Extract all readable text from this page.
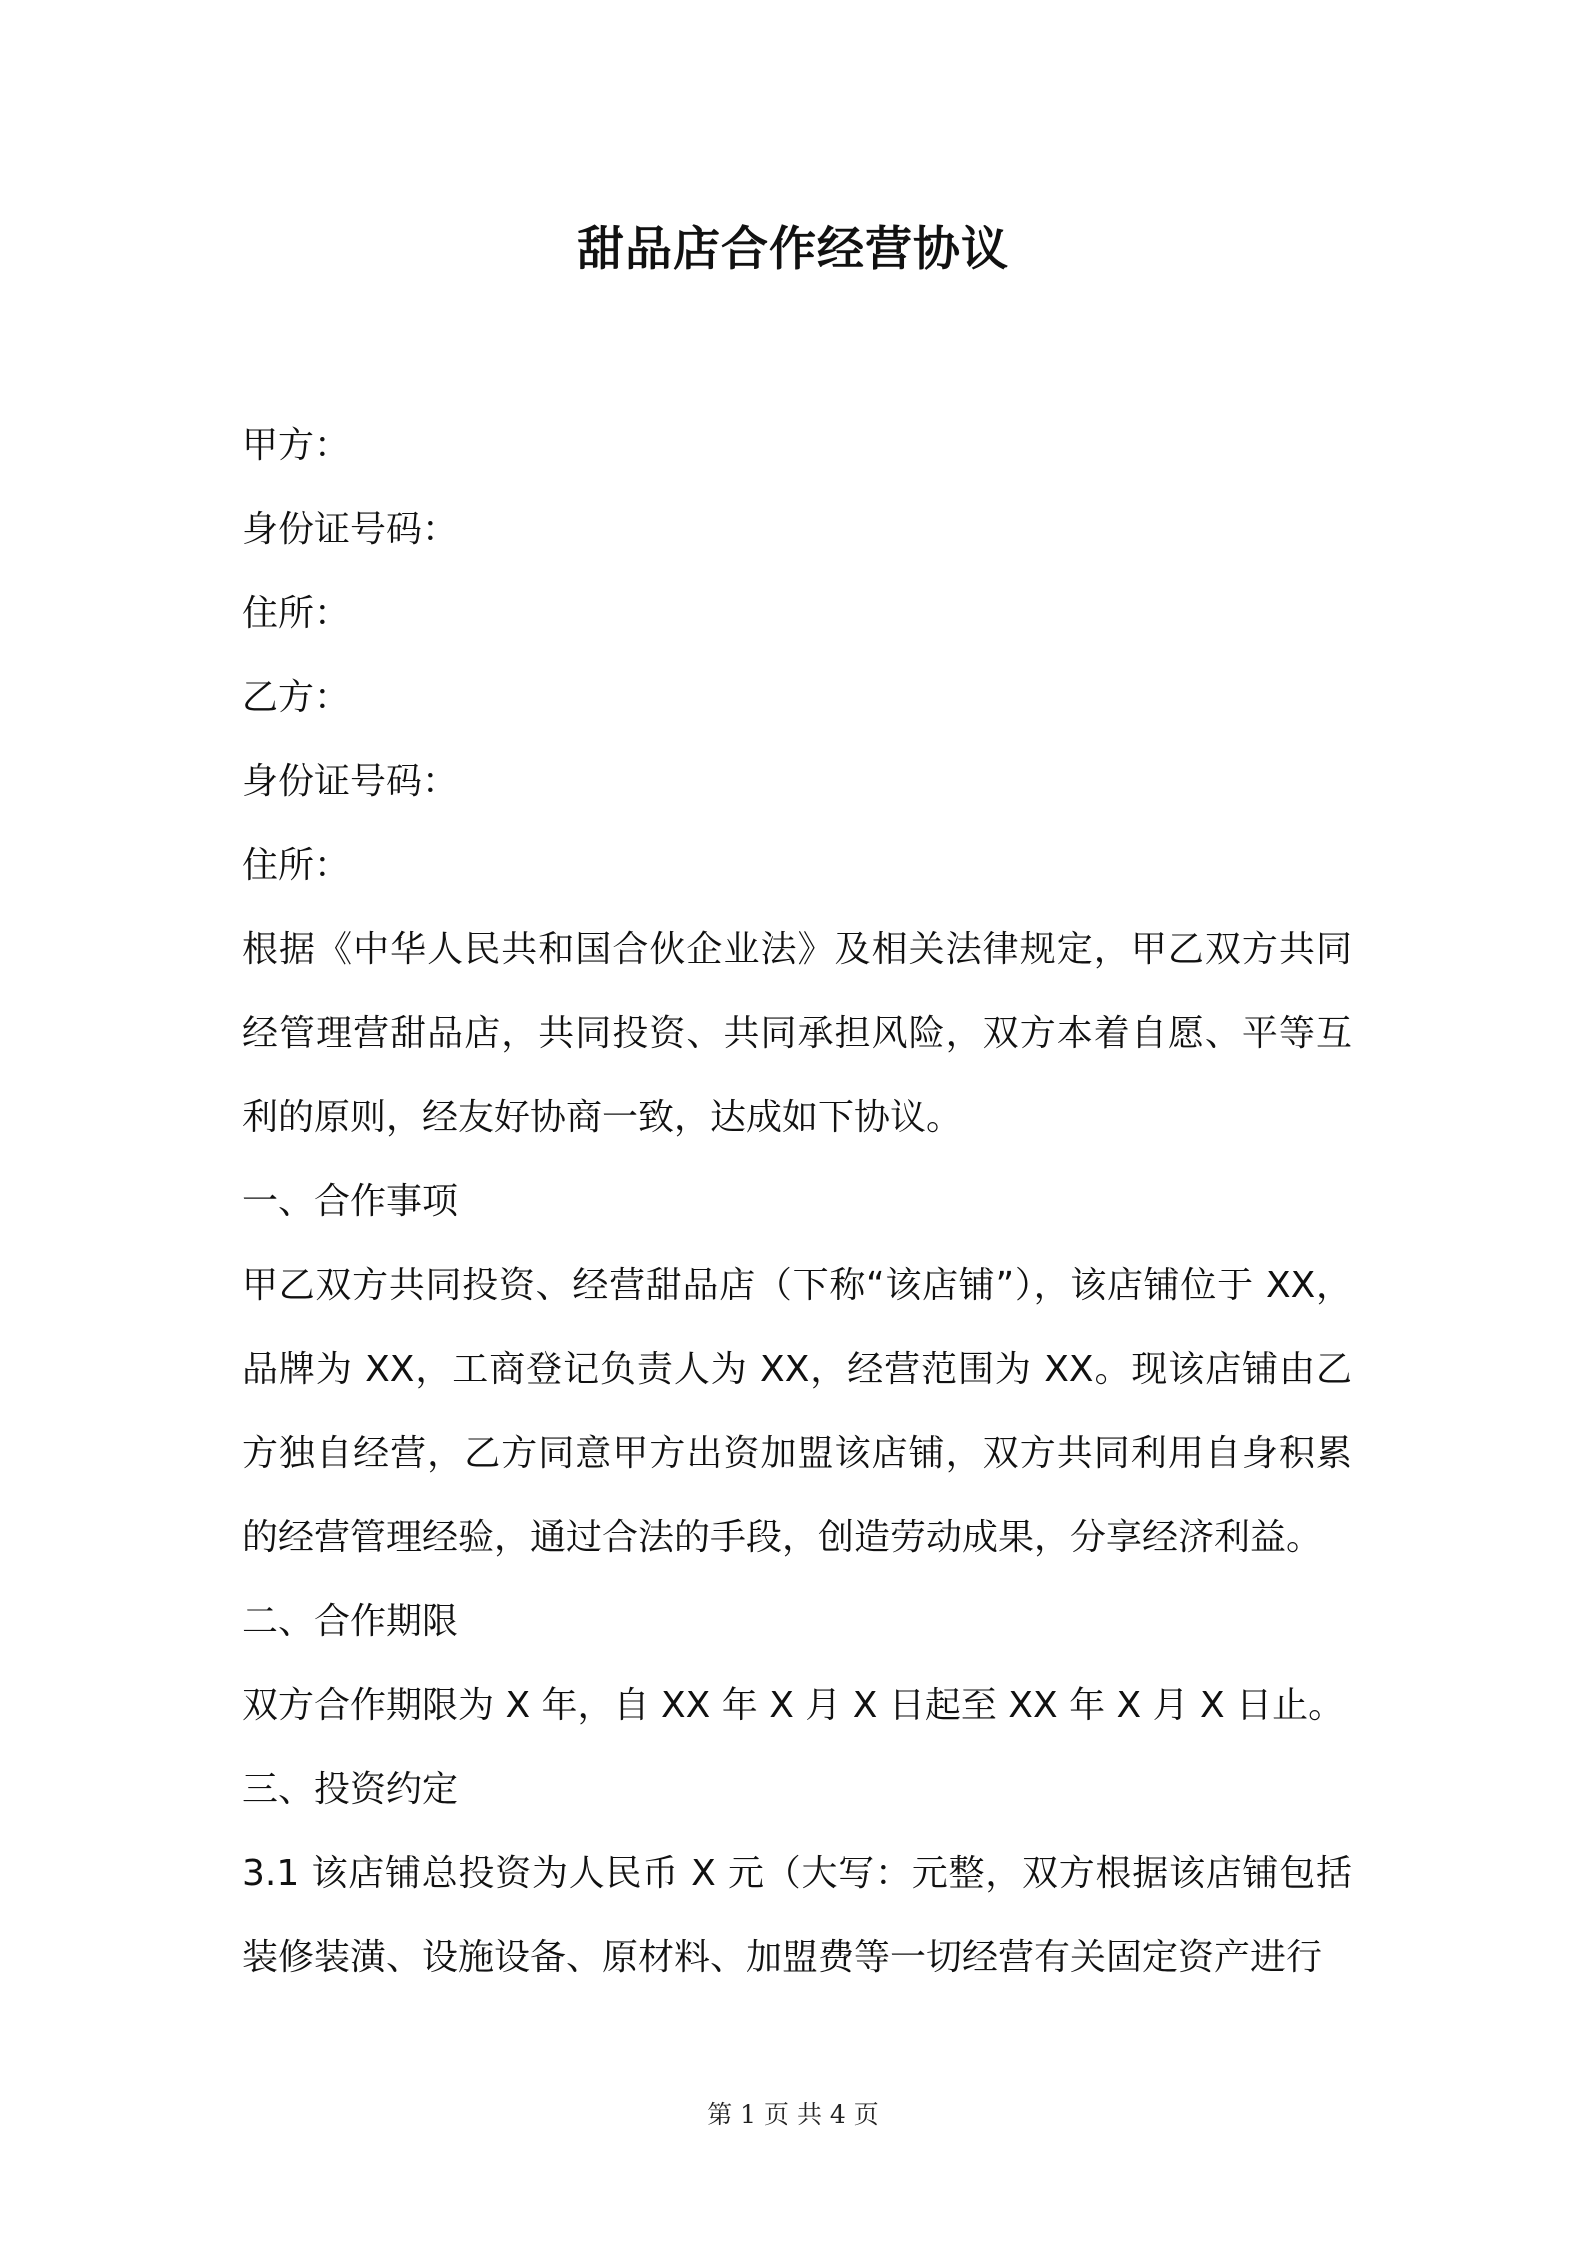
甜品店合作经营协议
甲方：
身份证号码：
住所：
乙方：
身份证号码：
住所：
根据《中华人民共和国合伙企业法》及相关法律规定，甲乙双方共同经管理营甜品店，共同投资、共同承担风险，双方本着自愿、平等互利的原则，经友好协商一致，达成如下协议。
一、合作事项
甲乙双方共同投资、经营甜品店（下称“该店铺”），该店铺位于 XX，品牌为 XX，工商登记负责人为 XX，经营范围为 XX。现该店铺由乙方独自经营，乙方同意甲方出资加盟该店铺，双方共同利用自身积累的经营管理经验，通过合法的手段，创造劳动成果，分享经济利益。
二、合作期限
双方合作期限为 X 年，自 XX 年 X 月 X 日起至 XX 年 X 月 X 日止。
三、投资约定
3.1 该店铺总投资为人民币 X 元（大写：元整，双方根据该店铺包括装修装潢、设施设备、原材料、加盟费等一切经营有关固定资产进行
第 1 页 共 4 页
